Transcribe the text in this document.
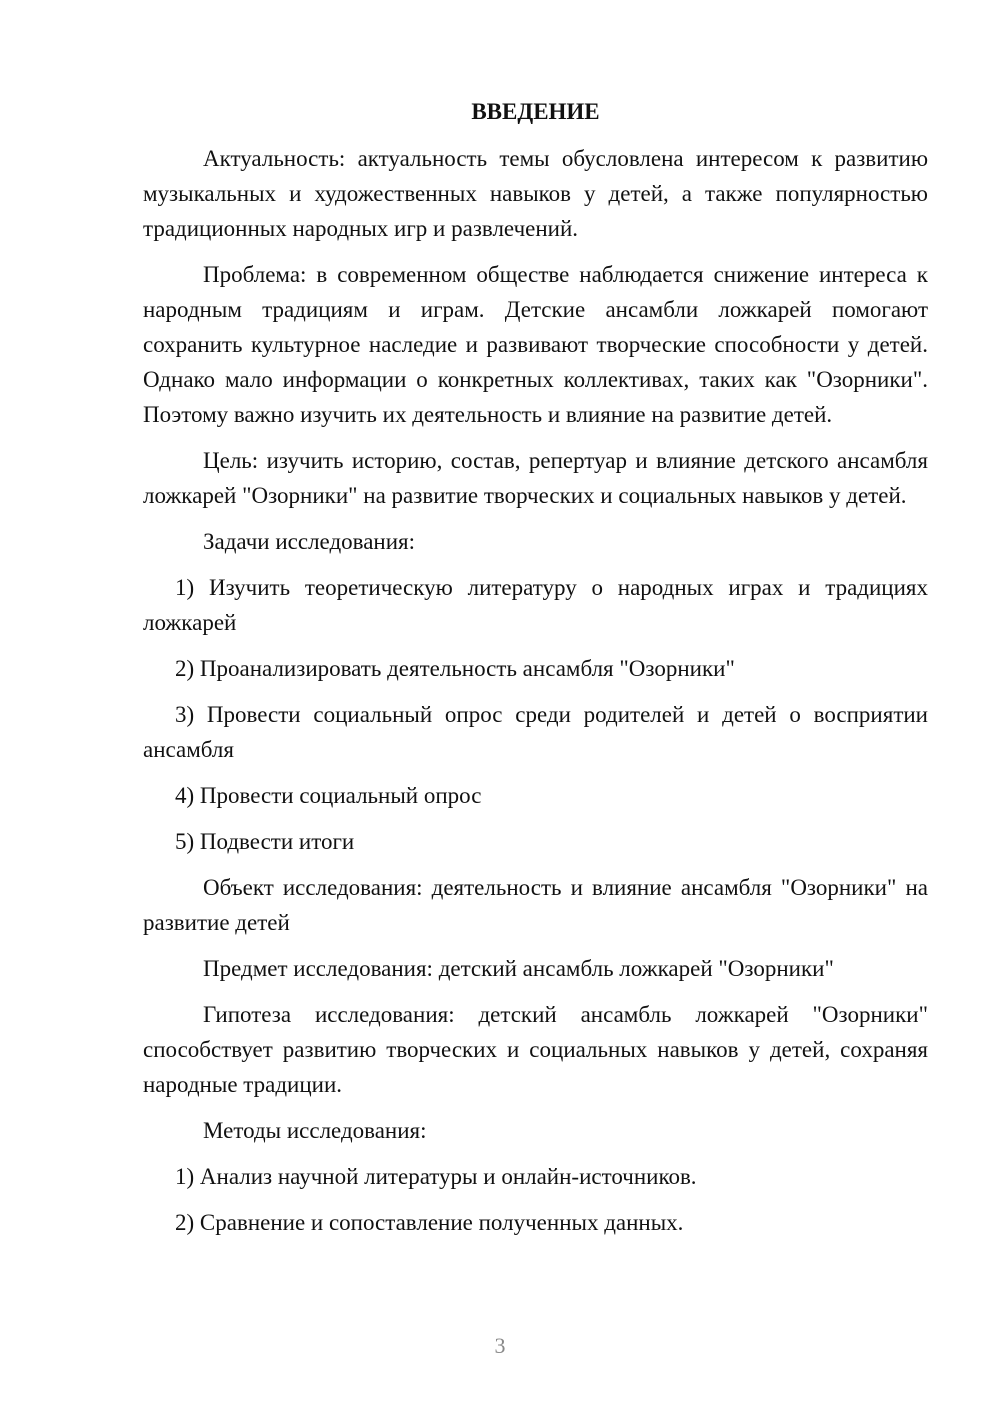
ВВЕДЕНИЕ

Актуальность: актуальность темы обусловлена интересом к развитию музыкальных и художественных навыков у детей, а также популярностью традиционных народных игр и развлечений.

Проблема: в современном обществе наблюдается снижение интереса к народным традициям и играм. Детские ансамбли ложкарей помогают сохранить культурное наследие и развивают творческие способности у детей. Однако мало информации о конкретных коллективах, таких как "Озорники". Поэтому важно изучить их деятельность и влияние на развитие детей.

Цель: изучить историю, состав, репертуар и влияние детского ансамбля ложкарей "Озорники" на развитие творческих и социальных навыков у детей.

Задачи исследования:

1) Изучить теоретическую литературу о народных играх и традициях ложкарей

2) Проанализировать деятельность ансамбля "Озорники"

3) Провести социальный опрос среди родителей и детей о восприятии ансамбля

4) Провести социальный опрос

5) Подвести итоги

Объект исследования: деятельность и влияние ансамбля "Озорники" на развитие детей

Предмет исследования: детский ансамбль ложкарей "Озорники"

Гипотеза исследования: детский ансамбль ложкарей "Озорники" способствует развитию творческих и социальных навыков у детей, сохраняя народные традиции.

Методы исследования:

1) Анализ научной литературы и онлайн-источников.

2) Сравнение и сопоставление полученных данных.

3
